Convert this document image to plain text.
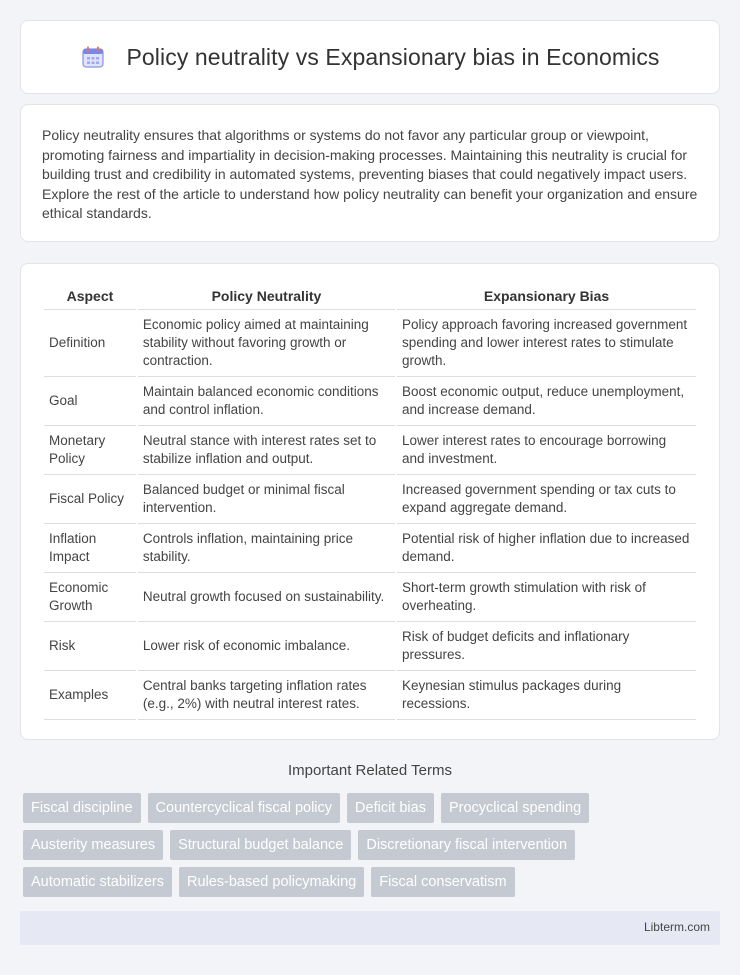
Policy neutrality vs Expansionary bias in Economics

Policy neutrality ensures that algorithms or systems do not favor any particular group or viewpoint, promoting fairness and impartiality in decision-making processes. Maintaining this neutrality is crucial for building trust and credibility in automated systems, preventing biases that could negatively impact users. Explore the rest of the article to understand how policy neutrality can benefit your organization and ensure ethical standards.

Aspect	Policy Neutrality	Expansionary Bias
Definition	Economic policy aimed at maintaining stability without favoring growth or contraction.	Policy approach favoring increased government spending and lower interest rates to stimulate growth.
Goal	Maintain balanced economic conditions and control inflation.	Boost economic output, reduce unemployment, and increase demand.
Monetary Policy	Neutral stance with interest rates set to stabilize inflation and output.	Lower interest rates to encourage borrowing and investment.
Fiscal Policy	Balanced budget or minimal fiscal intervention.	Increased government spending or tax cuts to expand aggregate demand.
Inflation Impact	Controls inflation, maintaining price stability.	Potential risk of higher inflation due to increased demand.
Economic Growth	Neutral growth focused on sustainability.	Short-term growth stimulation with risk of overheating.
Risk	Lower risk of economic imbalance.	Risk of budget deficits and inflationary pressures.
Examples	Central banks targeting inflation rates (e.g., 2%) with neutral interest rates.	Keynesian stimulus packages during recessions.
Important Related Terms
Fiscal discipline	Countercyclical fiscal policy	Deficit bias	Procyclical spending
Austerity measures	Structural budget balance	Discretionary fiscal intervention
Automatic stabilizers	Rules-based policymaking	Fiscal conservatism
Libterm.com
